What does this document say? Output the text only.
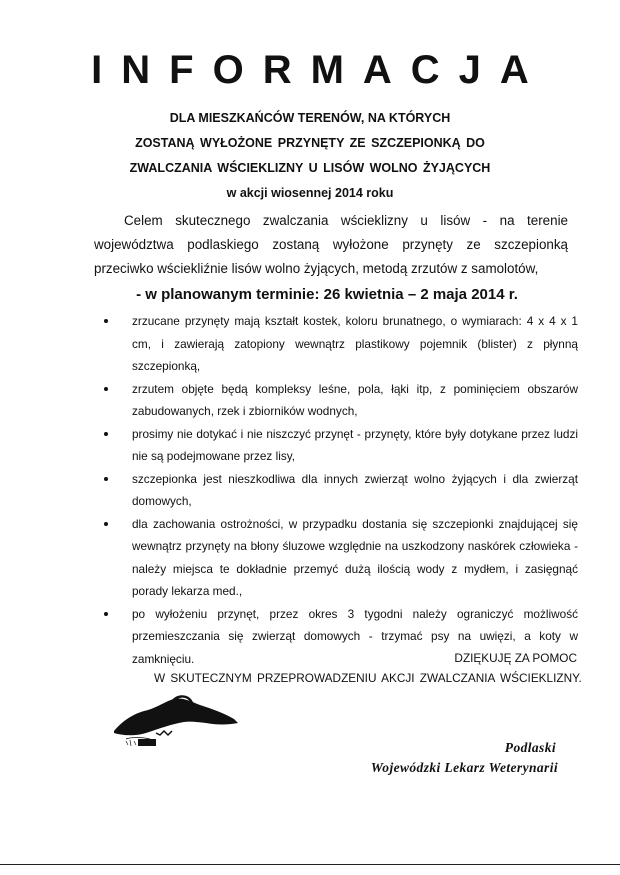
INFORMACJA
DLA MIESZKAŃCÓW TERENÓW, NA KTÓRYCH
ZOSTANĄ WYŁOŻONE PRZYNĘTY ZE SZCZEPIONKĄ DO
ZWALCZANIA WŚCIEKLIZNY U LISÓW WOLNO ŻYJĄCYCH
w akcji wiosennej 2014 roku

Celem skutecznego zwalczania wścieklizny u lisów - na terenie województwa podlaskiego zostaną wyłożone przynęty ze szczepionką przeciwko wściekliźnie lisów wolno żyjących, metodą zrzutów z samolotów,

- w planowanym terminie: 26 kwietnia – 2 maja 2014 r.
zrzucane przynęty mają kształt kostek, koloru brunatnego, o wymiarach: 4 x 4 x 1 cm, i zawierają zatopiony wewnątrz plastikowy pojemnik (blister) z płynną szczepionką,
zrzutem objęte będą kompleksy leśne, pola, łąki itp, z pominięciem obszarów zabudowanych, rzek i zbiorników wodnych,
prosimy nie dotykać i nie niszczyć przynęt - przynęty, które były dotykane przez ludzi nie są podejmowane przez lisy,
szczepionka jest nieszkodliwa dla innych zwierząt wolno żyjących i dla zwierząt domowych,
dla zachowania ostrożności, w przypadku dostania się szczepionki znajdującej się wewnątrz przynęty na błony śluzowe względnie na uszkodzony naskórek człowieka - należy miejsca te dokładnie przemyć dużą ilością wody z mydłem, i zasięgnąć porady lekarza med.,
po wyłożeniu przynęt, przez okres 3 tygodni należy ograniczyć możliwość przemieszczania się zwierząt domowych - trzymać psy na uwięzi, a koty w zamknięciu.	DZIĘKUJĘ ZA POMOC
W SKUTECZNYM PRZEPROWADZENIU AKCJI ZWALCZANIA WŚCIEKLIZNY.
Podlaski
Wojewódzki Lekarz Weterynarii
